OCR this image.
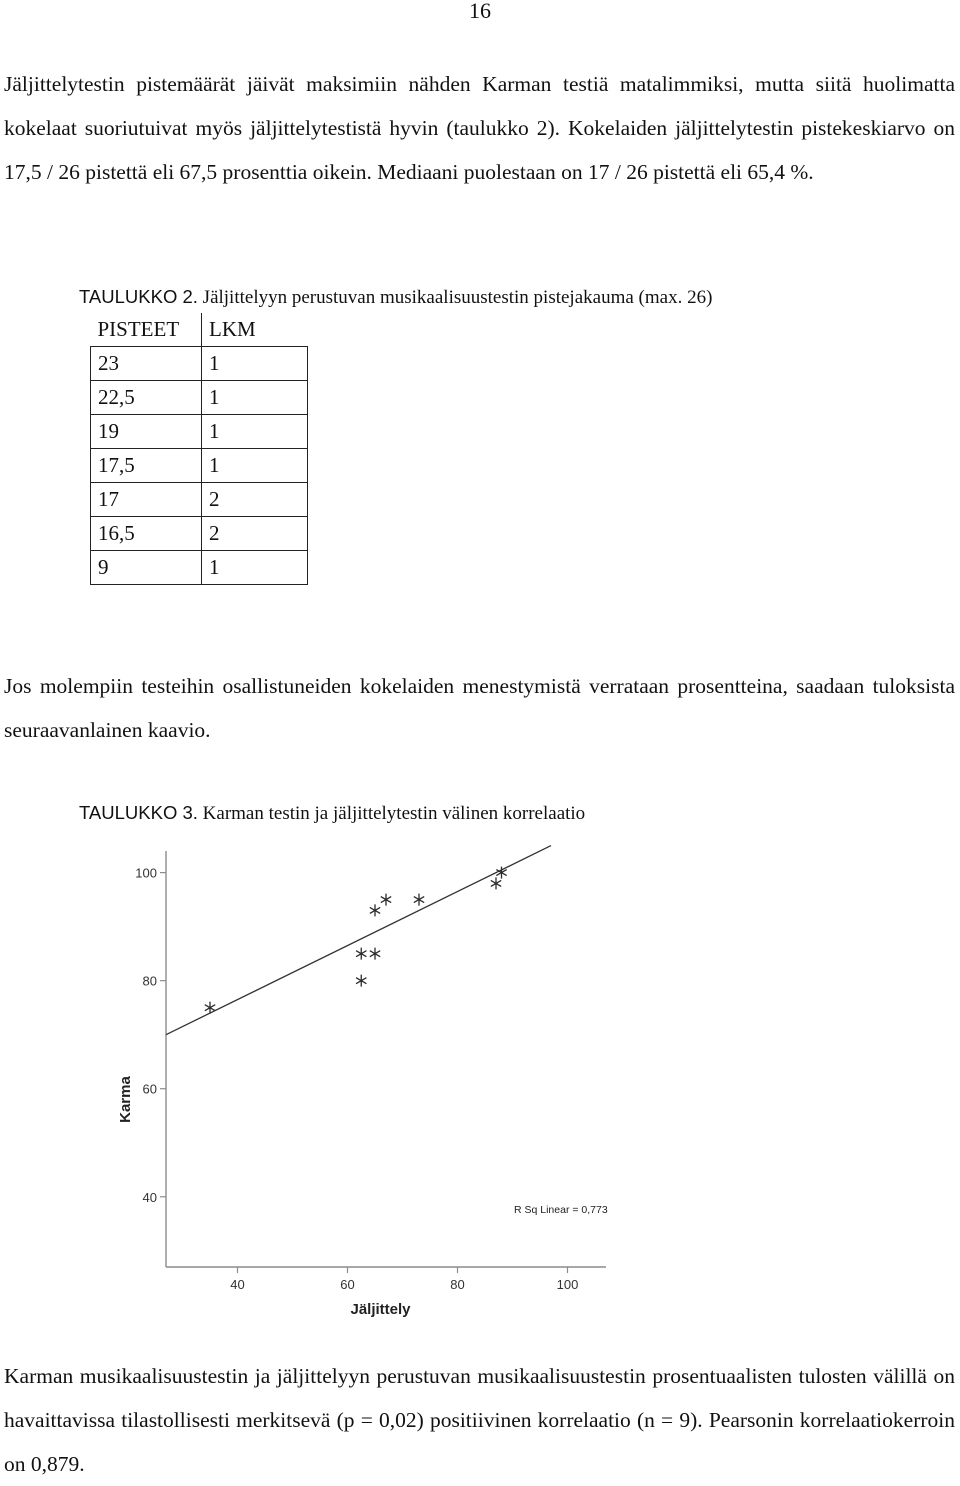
16

Jäljittelytestin pistemäärät jäivät maksimiin nähden Karman testiä matalimmiksi, mutta siitä huolimatta kokelaat suoriutuivat myös jäljittelytestistä hyvin (taulukko 2). Kokelaiden jäljittelytestin pistekeskiarvo on 17,5 / 26 pistettä eli 67,5 prosenttia oikein. Mediaani puolestaan on 17 / 26 pistettä eli 65,4 %.

TAULUKKO 2. Jäljittelyyn perustuvan musikaalisuustestin pistejakauma (max. 26)

PISTEET	LKM
23	1
22,5	1
19	1
17,5	1
17	2
16,5	2
9	1

Jos molempiin testeihin osallistuneiden kokelaiden menestymistä verrataan prosentteina, saadaan tuloksista seuraavanlainen kaavio.

TAULUKKO 3. Karman testin ja jäljittelytestin välinen korrelaatio

40
60
80
100
40	60	80	100
Jäljittely
Karma
R Sq Linear = 0,773

Karman musikaalisuustestin ja jäljittelyyn perustuvan musikaalisuustestin prosentuaalisten tulosten välillä on havaittavissa tilastollisesti merkitsevä (p = 0,02) positiivinen korrelaatio (n = 9). Pearsonin korrelaatiokerroin on 0,879.
